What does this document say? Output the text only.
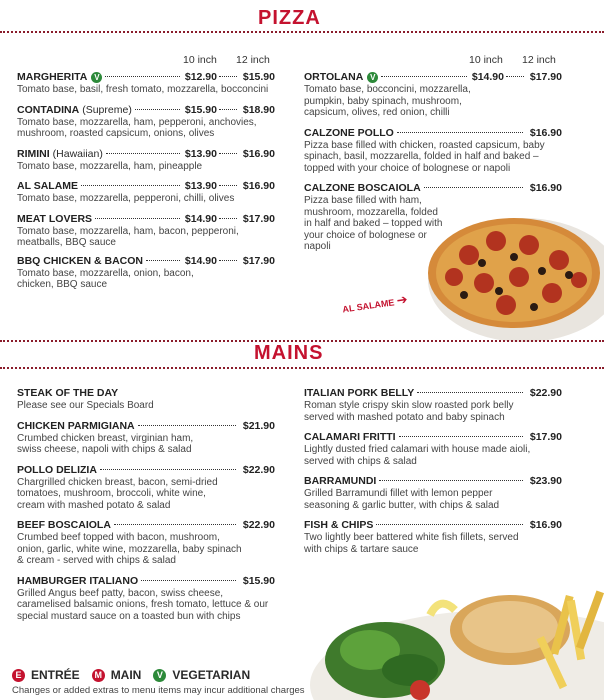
PIZZA
10 inch 12 inch	10 inch 12 inch
MARGHERITA V	$12.90	$15.90
Tomato base, basil, fresh tomato, mozzarella, bocconcini
CONTADINA (Supreme)	$15.90	$18.90
Tomato base, mozzarella, ham, pepperoni, anchovies, mushroom, roasted capsicum, onions, olives
RIMINI (Hawaiian)	$13.90	$16.90
Tomato base, mozzarella, ham, pineapple
AL SALAME	$13.90	$16.90
Tomato base, mozzarella, pepperoni, chilli, olives
MEAT LOVERS	$14.90	$17.90
Tomato base, mozzarella, ham, bacon, pepperoni, meatballs, BBQ sauce
BBQ CHICKEN & BACON	$14.90	$17.90
Tomato base, mozzarella, onion, bacon, chicken, BBQ sauce
ORTOLANA V	$14.90	$17.90
Tomato base, bocconcini, mozzarella, pumpkin, baby spinach, mushroom, capsicum, olives, red onion, chilli
CALZONE POLLO	$16.90
Pizza base filled with chicken, roasted capsicum, baby spinach, basil, mozzarella, folded in half and baked – topped with your choice of bolognese or napoli
CALZONE BOSCAIOLA	$16.90
Pizza base filled with ham, mushroom, mozzarella, folded in half and baked – topped with your choice of bolognese or napoli
AL SALAME ➔
MAINS
STEAK OF THE DAY
Please see our Specials Board
CHICKEN PARMIGIANA	$21.90
Crumbed chicken breast, virginian ham, swiss cheese, napoli with chips & salad
POLLO DELIZIA	$22.90
Chargrilled chicken breast, bacon, semi-dried tomatoes, mushroom, broccoli, white wine, cream with mashed potato & salad
BEEF BOSCAIOLA	$22.90
Crumbed beef topped with bacon, mushroom, onion, garlic, white wine, mozzarella, baby spinach & cream - served with chips & salad
HAMBURGER ITALIANO	$15.90
Grilled Angus beef patty, bacon, swiss cheese, caramelised balsamic onions, fresh tomato, lettuce & our special mustard sauce on a toasted bun with chips
ITALIAN PORK BELLY	$22.90
Roman style crispy skin slow roasted pork belly served with mashed potato and baby spinach
CALAMARI FRITTI	$17.90
Lightly dusted fried calamari with house made aioli, served with chips & salad
BARRAMUNDI	$23.90
Grilled Barramundi fillet with lemon pepper seasoning & garlic butter, with chips & salad
FISH & CHIPS	$16.90
Two lightly beer battered white fish fillets, served with chips & tartare sauce
E ENTRÉE	M MAIN	V VEGETARIAN
Changes or added extras to menu items may incur additional charges
